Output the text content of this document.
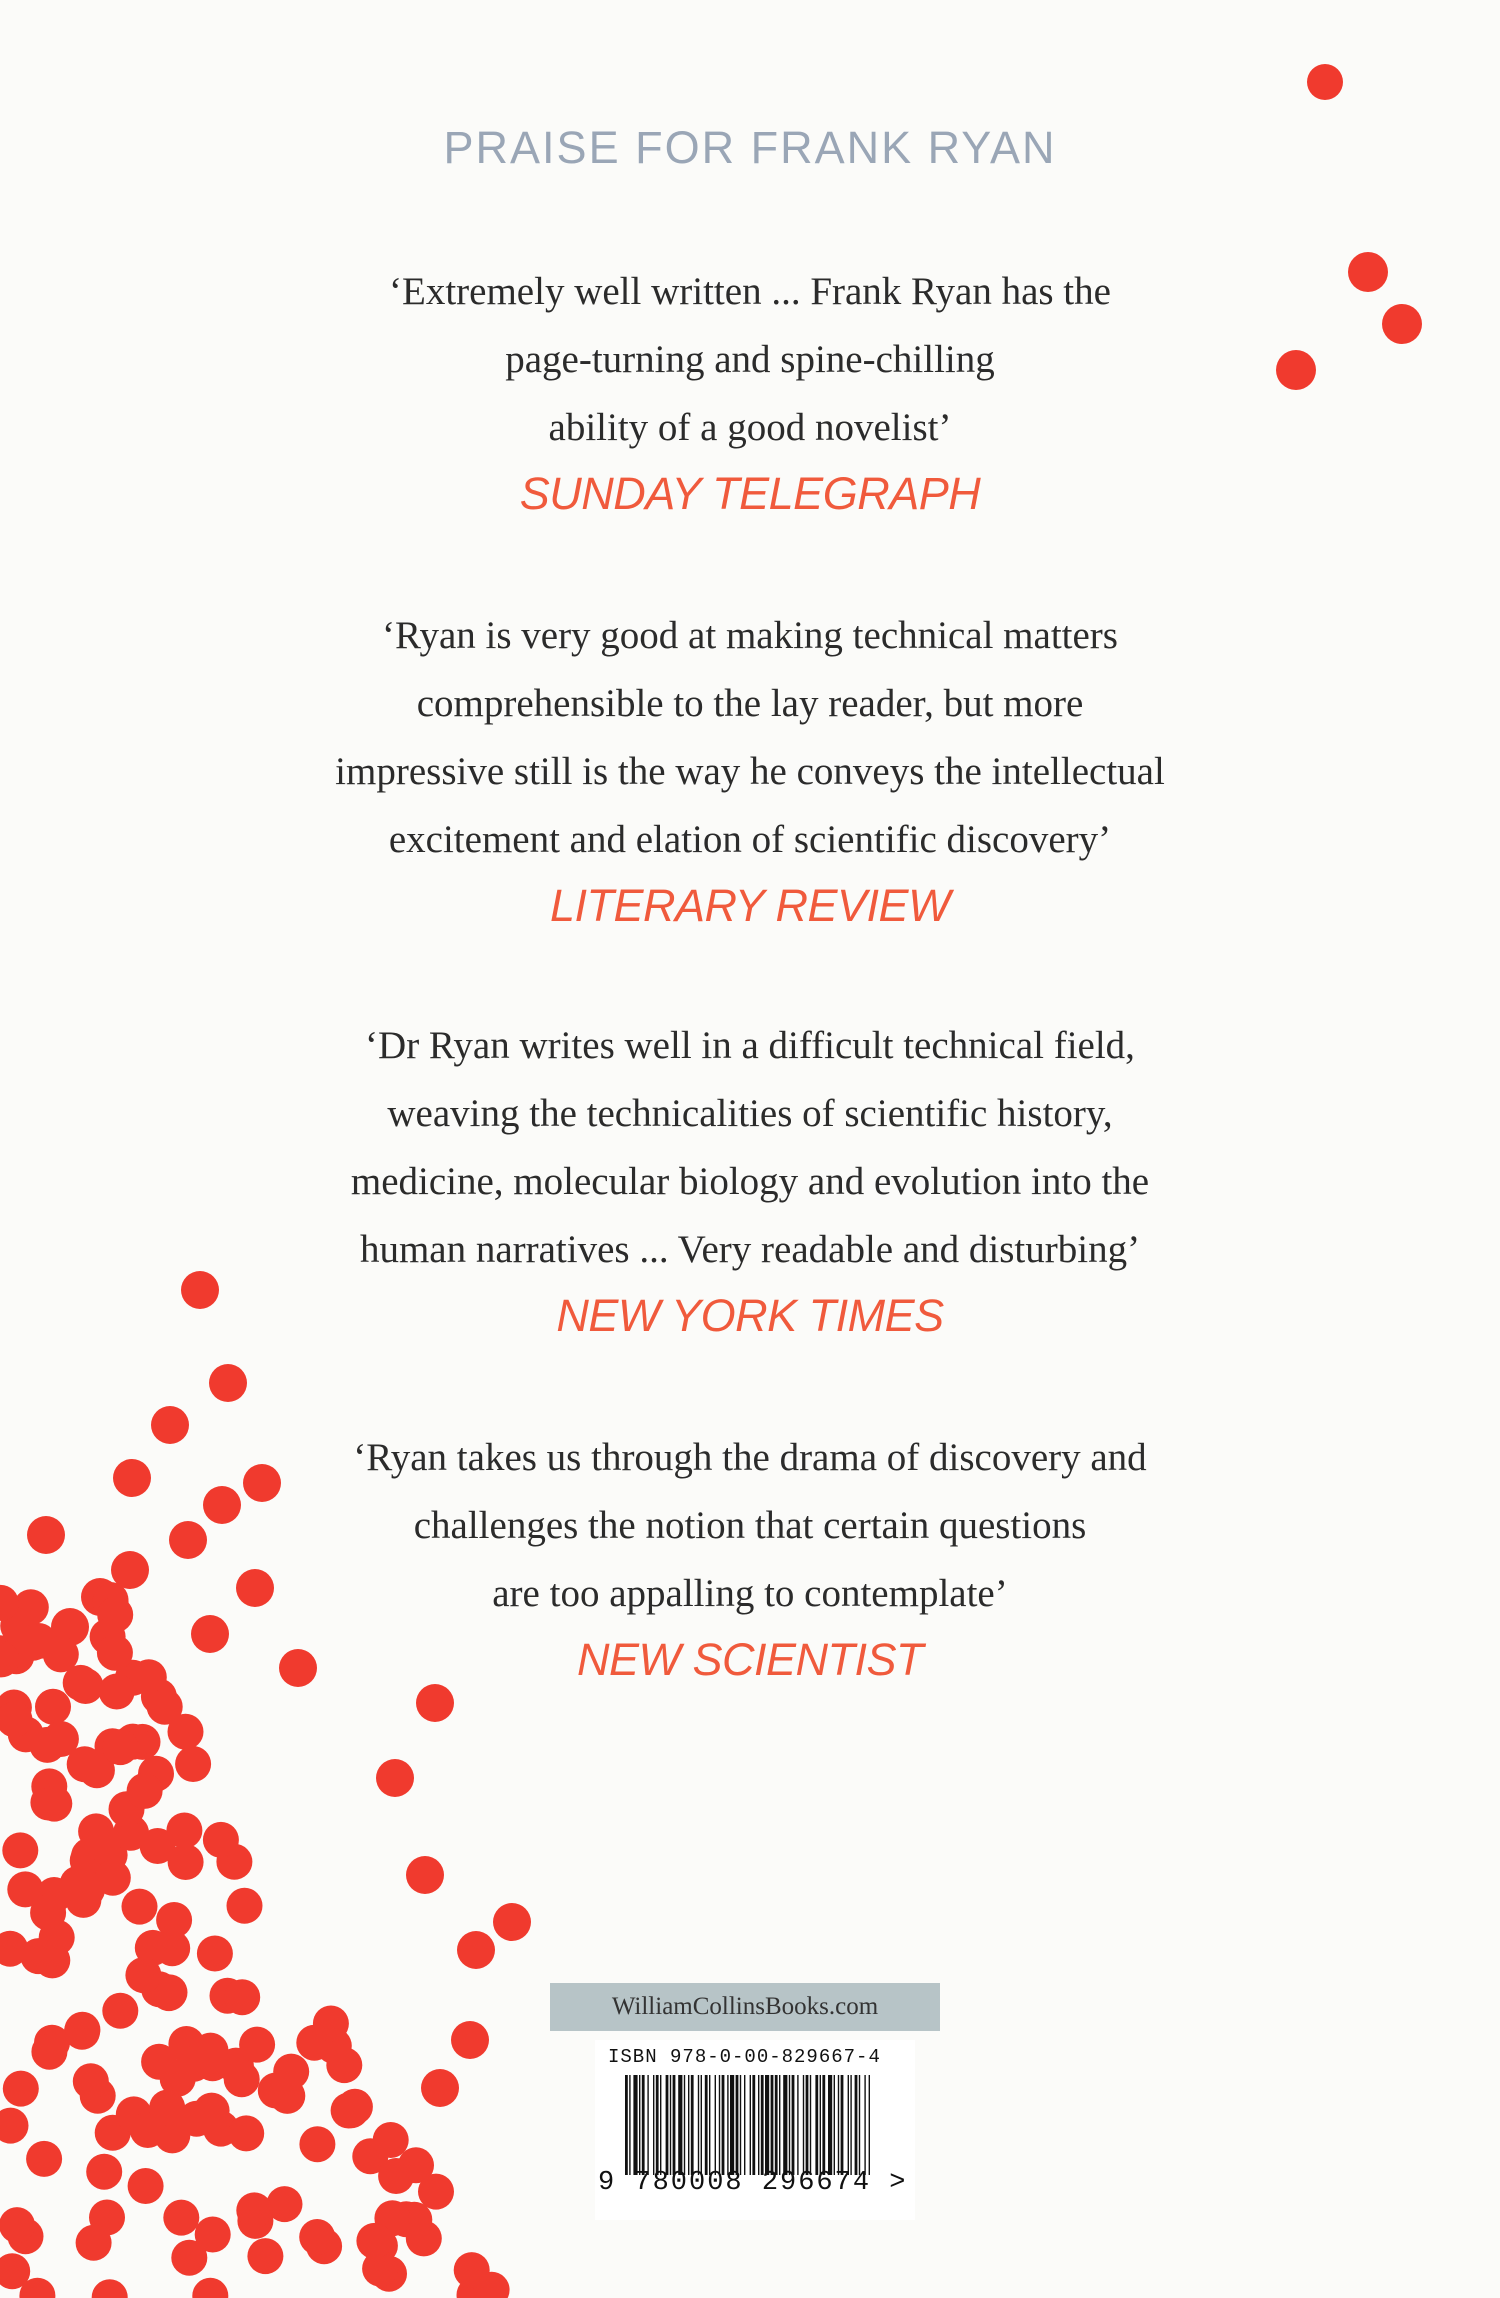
PRAISE FOR FRANK RYAN
‘Extremely well written ... Frank Ryan has the
page-turning and spine-chilling
ability of a good novelist’
SUNDAY TELEGRAPH
‘Ryan is very good at making technical matters
comprehensible to the lay reader, but more
impressive still is the way he conveys the intellectual
excitement and elation of scientific discovery’
LITERARY REVIEW
‘Dr Ryan writes well in a difficult technical field,
weaving the technicalities of scientific history,
medicine, molecular biology and evolution into the
human narratives ... Very readable and disturbing’
NEW YORK TIMES
‘Ryan takes us through the drama of discovery and
challenges the notion that certain questions
are too appalling to contemplate’
NEW SCIENTIST
WilliamCollinsBooks.com
ISBN 978-0-00-829667-4
9 780008 296674 >
